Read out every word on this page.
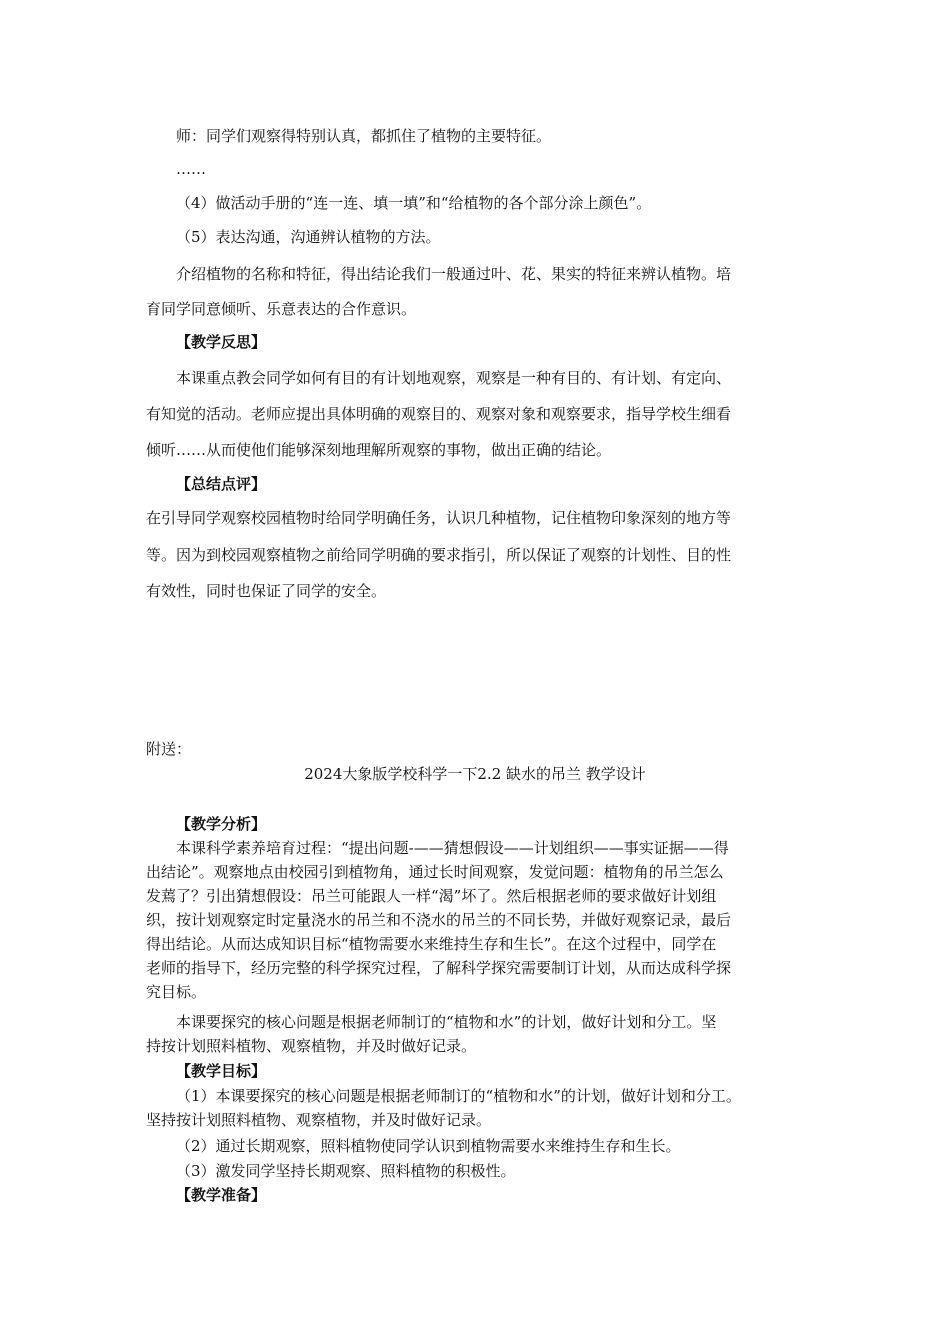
师：同学们观察得特别认真，都抓住了植物的主要特征。
……
（4）做活动手册的“连一连、填一填”和“给植物的各个部分涂上颜色”。
（5）表达沟通，沟通辨认植物的方法。
介绍植物的名称和特征，得出结论我们一般通过叶、花、果实的特征来辨认植物。培
育同学同意倾听、乐意表达的合作意识。
【教学反思】
本课重点教会同学如何有目的有计划地观察，观察是一种有目的、有计划、有定向、
有知觉的活动。老师应提出具体明确的观察目的、观察对象和观察要求，指导学校生细看
倾听……从而使他们能够深刻地理解所观察的事物，做出正确的结论。
【总结点评】
在引导同学观察校园植物时给同学明确任务，认识几种植物，记住植物印象深刻的地方等
等。因为到校园观察植物之前给同学明确的要求指引，所以保证了观察的计划性、目的性
有效性，同时也保证了同学的安全。
附送：
2024大象版学校科学一下2.2 缺水的吊兰 教学设计
【教学分析】
本课科学素养培育过程：“提出问题-——猜想假设——计划组织——事实证据——得
出结论”。观察地点由校园引到植物角，通过长时间观察，发觉问题：植物角的吊兰怎么
发蔫了？引出猜想假设：吊兰可能跟人一样“渴”坏了。然后根据老师的要求做好计划组
织，按计划观察定时定量浇水的吊兰和不浇水的吊兰的不同长势，并做好观察记录，最后
得出结论。从而达成知识目标“植物需要水来维持生存和生长”。在这个过程中，同学在
老师的指导下，经历完整的科学探究过程，了解科学探究需要制订计划，从而达成科学探
究目标。
本课要探究的核心问题是根据老师制订的“植物和水”的计划，做好计划和分工。坚
持按计划照料植物、观察植物，并及时做好记录。
【教学目标】
（1）本课要探究的核心问题是根据老师制订的“植物和水”的计划，做好计划和分工。
坚持按计划照料植物、观察植物，并及时做好记录。
（2）通过长期观察，照料植物使同学认识到植物需要水来维持生存和生长。
（3）激发同学坚持长期观察、照料植物的积极性。
【教学准备】
